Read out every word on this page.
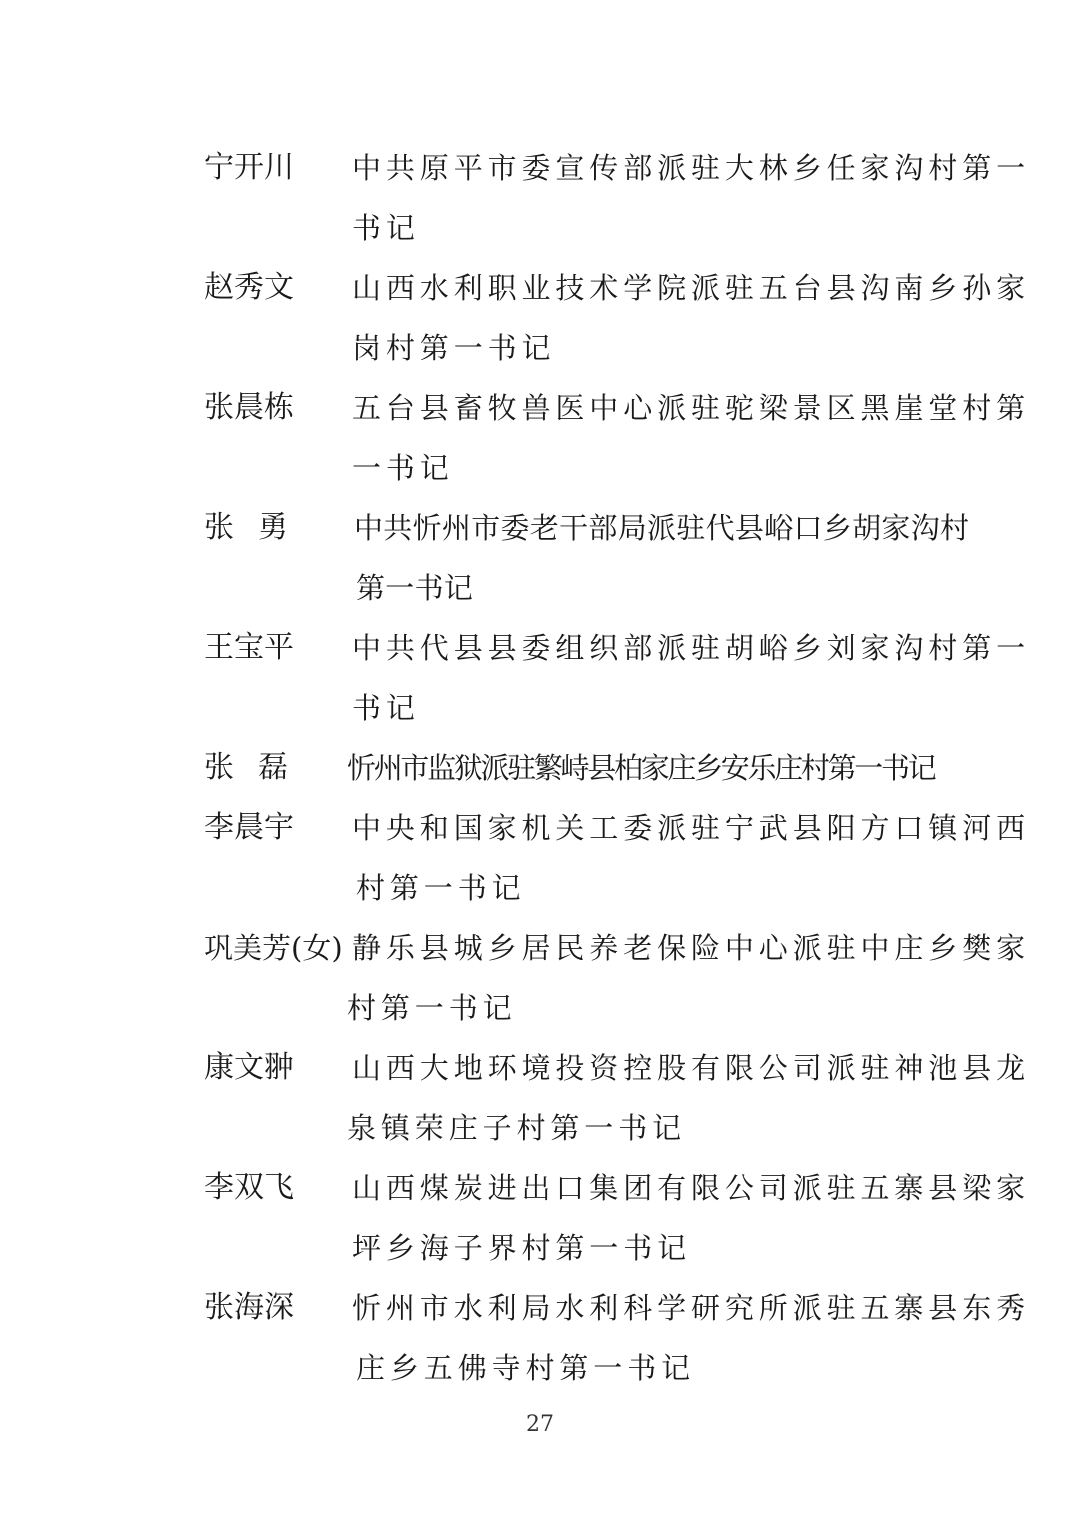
宁开川 中共原平市委宣传部派驻大林乡任家沟村第一
书记
赵秀文 山西水利职业技术学院派驻五台县沟南乡孙家
岗村第一书记
张晨栋 五台县畜牧兽医中心派驻驼梁景区黑崖堂村第
一书记
张勇 中共忻州市委老干部局派驻代县峪口乡胡家沟村
第一书记
王宝平 中共代县县委组织部派驻胡峪乡刘家沟村第一
书记
张磊 忻州市监狱派驻繁峙县柏家庄乡安乐庄村第一书记
李晨宇 中央和国家机关工委派驻宁武县阳方口镇河西
村第一书记
巩美芳(女) 静乐县城乡居民养老保险中心派驻中庄乡樊家
村第一书记
康文翀 山西大地环境投资控股有限公司派驻神池县龙
泉镇荣庄子村第一书记
李双飞 山西煤炭进出口集团有限公司派驻五寨县梁家
坪乡海子界村第一书记
张海深 忻州市水利局水利科学研究所派驻五寨县东秀
庄乡五佛寺村第一书记
27
